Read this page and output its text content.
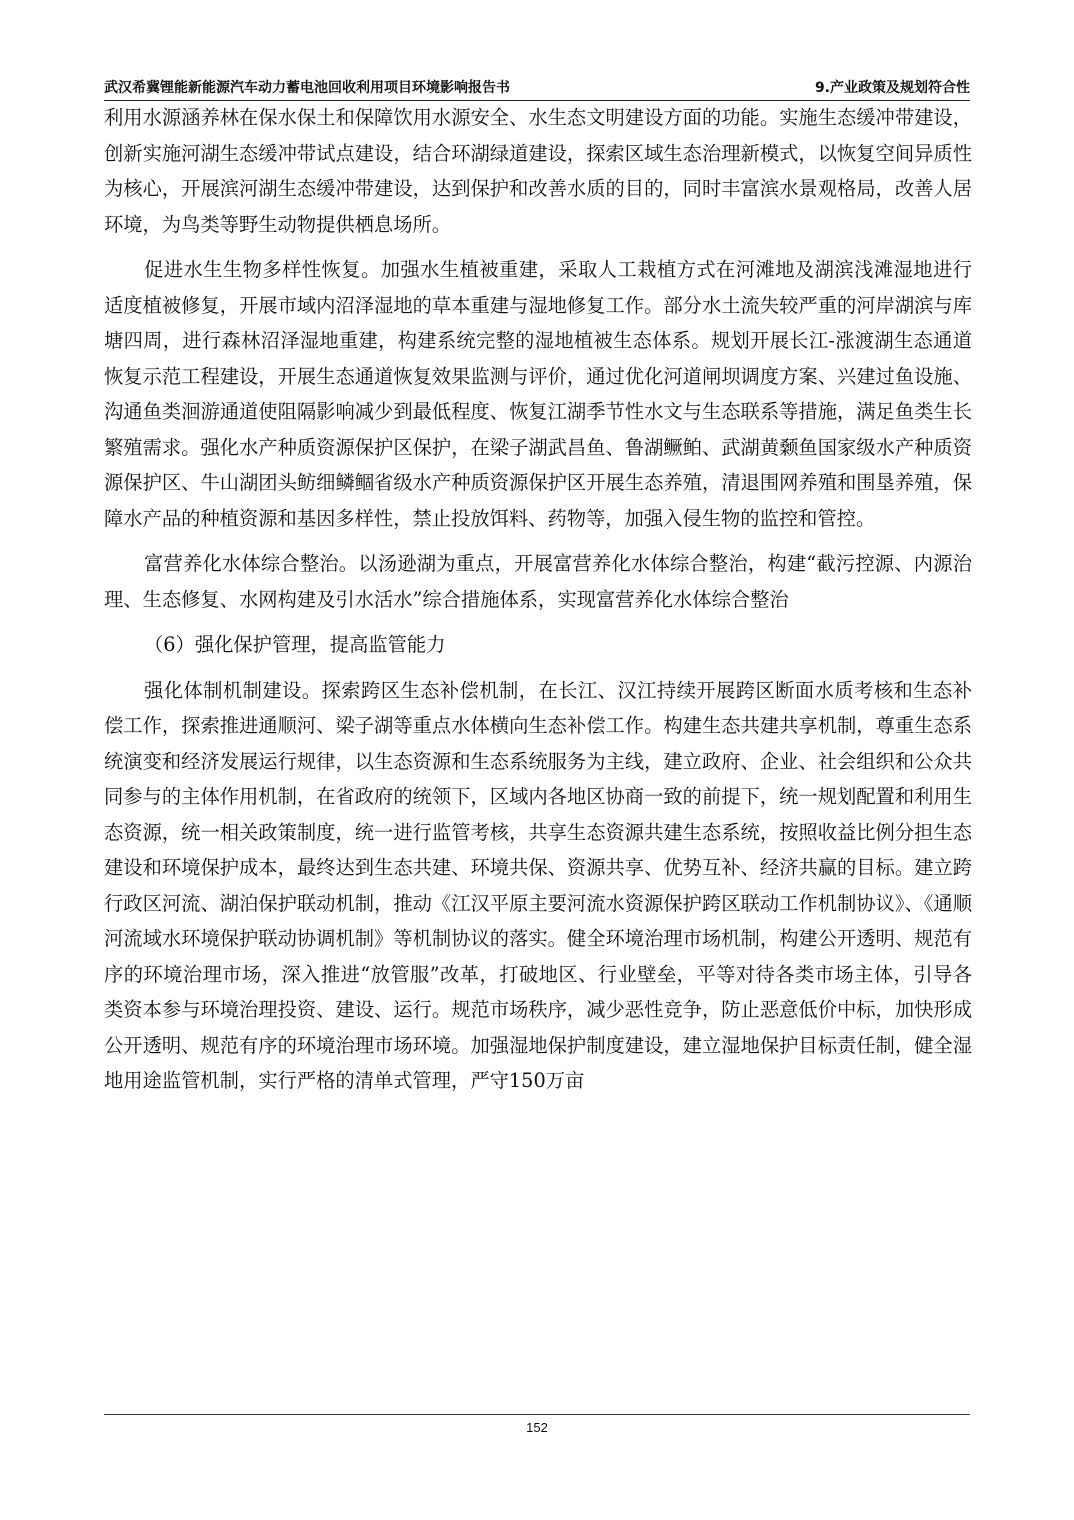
武汉希冀锂能新能源汽车动力蓄电池回收利用项目环境影响报告书	9.产业政策及规划符合性

利用水源涵养林在保水保土和保障饮用水源安全、水生态文明建设方面的功能。实施生态缓冲带建设，创新实施河湖生态缓冲带试点建设，结合环湖绿道建设，探索区域生态治理新模式，以恢复空间异质性为核心，开展滨河湖生态缓冲带建设，达到保护和改善水质的目的，同时丰富滨水景观格局，改善人居环境，为鸟类等野生动物提供栖息场所。

促进水生生物多样性恢复。加强水生植被重建，采取人工栽植方式在河滩地及湖滨浅滩湿地进行适度植被修复，开展市域内沼泽湿地的草本重建与湿地修复工作。部分水土流失较严重的河岸湖滨与库塘四周，进行森林沼泽湿地重建，构建系统完整的湿地植被生态体系。规划开展长江-涨渡湖生态通道恢复示范工程建设，开展生态通道恢复效果监测与评价，通过优化河道闸坝调度方案、兴建过鱼设施、沟通鱼类洄游通道使阻隔影响减少到最低程度、恢复江湖季节性水文与生态联系等措施，满足鱼类生长繁殖需求。强化水产种质资源保护区保护，在梁子湖武昌鱼、鲁湖鳜鲌、武湖黄颡鱼国家级水产种质资源保护区、牛山湖团头鲂细鳞鲴省级水产种质资源保护区开展生态养殖，清退围网养殖和围垦养殖，保障水产品的种植资源和基因多样性，禁止投放饵料、药物等，加强入侵生物的监控和管控。

富营养化水体综合整治。以汤逊湖为重点，开展富营养化水体综合整治，构建“截污控源、内源治理、生态修复、水网构建及引水活水”综合措施体系，实现富营养化水体综合整治

（6）强化保护管理，提高监管能力

强化体制机制建设。探索跨区生态补偿机制，在长江、汉江持续开展跨区断面水质考核和生态补偿工作，探索推进通顺河、梁子湖等重点水体横向生态补偿工作。构建生态共建共享机制，尊重生态系统演变和经济发展运行规律，以生态资源和生态系统服务为主线，建立政府、企业、社会组织和公众共同参与的主体作用机制，在省政府的统领下，区域内各地区协商一致的前提下，统一规划配置和利用生态资源，统一相关政策制度，统一进行监管考核，共享生态资源共建生态系统，按照收益比例分担生态建设和环境保护成本，最终达到生态共建、环境共保、资源共享、优势互补、经济共赢的目标。建立跨行政区河流、湖泊保护联动机制，推动《江汉平原主要河流水资源保护跨区联动工作机制协议》、《通顺河流域水环境保护联动协调机制》等机制协议的落实。健全环境治理市场机制，构建公开透明、规范有序的环境治理市场，深入推进“放管服”改革，打破地区、行业壁垒，平等对待各类市场主体，引导各类资本参与环境治理投资、建设、运行。规范市场秩序，减少恶性竞争，防止恶意低价中标，加快形成公开透明、规范有序的环境治理市场环境。加强湿地保护制度建设，建立湿地保护目标责任制，健全湿地用途监管机制，实行严格的清单式管理，严守150万亩

152
